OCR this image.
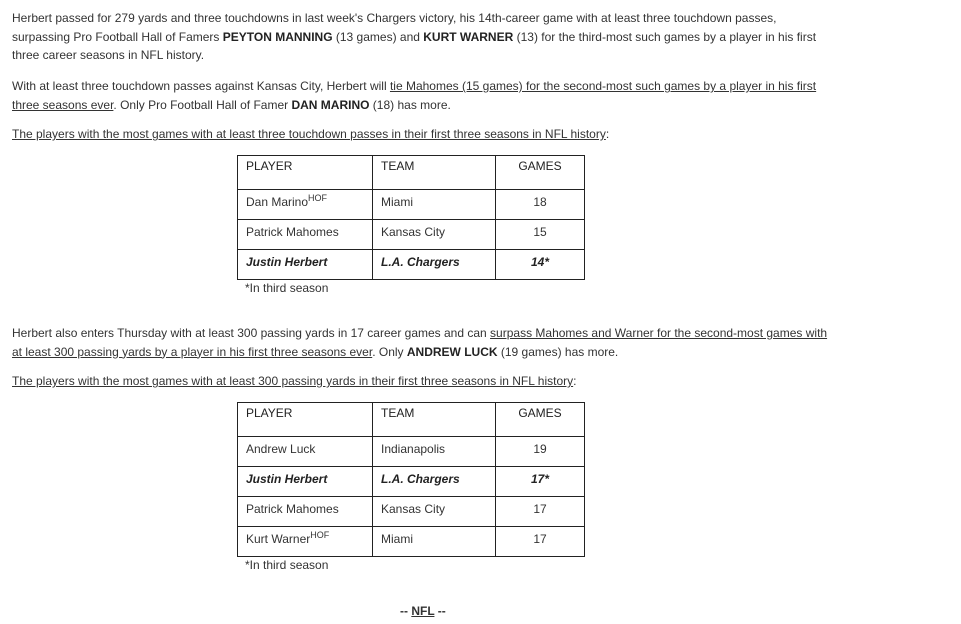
Herbert passed for 279 yards and three touchdowns in last week's Chargers victory, his 14th-career game with at least three touchdown passes, surpassing Pro Football Hall of Famers PEYTON MANNING (13 games) and KURT WARNER (13) for the third-most such games by a player in his first three career seasons in NFL history.

With at least three touchdown passes against Kansas City, Herbert will tie Mahomes (15 games) for the second-most such games by a player in his first three seasons ever. Only Pro Football Hall of Famer DAN MARINO (18) has more.

The players with the most games with at least three touchdown passes in their first three seasons in NFL history:

PLAYER	TEAM	GAMES
Dan Marino$^{HOF}$	Miami	18
Patrick Mahomes	Kansas City	15
Justin Herbert	L.A. Chargers	14*
*In third season

Herbert also enters Thursday with at least 300 passing yards in 17 career games and can surpass Mahomes and Warner for the second-most games with at least 300 passing yards by a player in his first three seasons ever. Only ANDREW LUCK (19 games) has more.

The players with the most games with at least 300 passing yards in their first three seasons in NFL history:

PLAYER	TEAM	GAMES
Andrew Luck	Indianapolis	19
Justin Herbert	L.A. Chargers	17*
Patrick Mahomes	Kansas City	17
Kurt Warner$^{HOF}$	Miami	17
*In third season
-- NFL --
